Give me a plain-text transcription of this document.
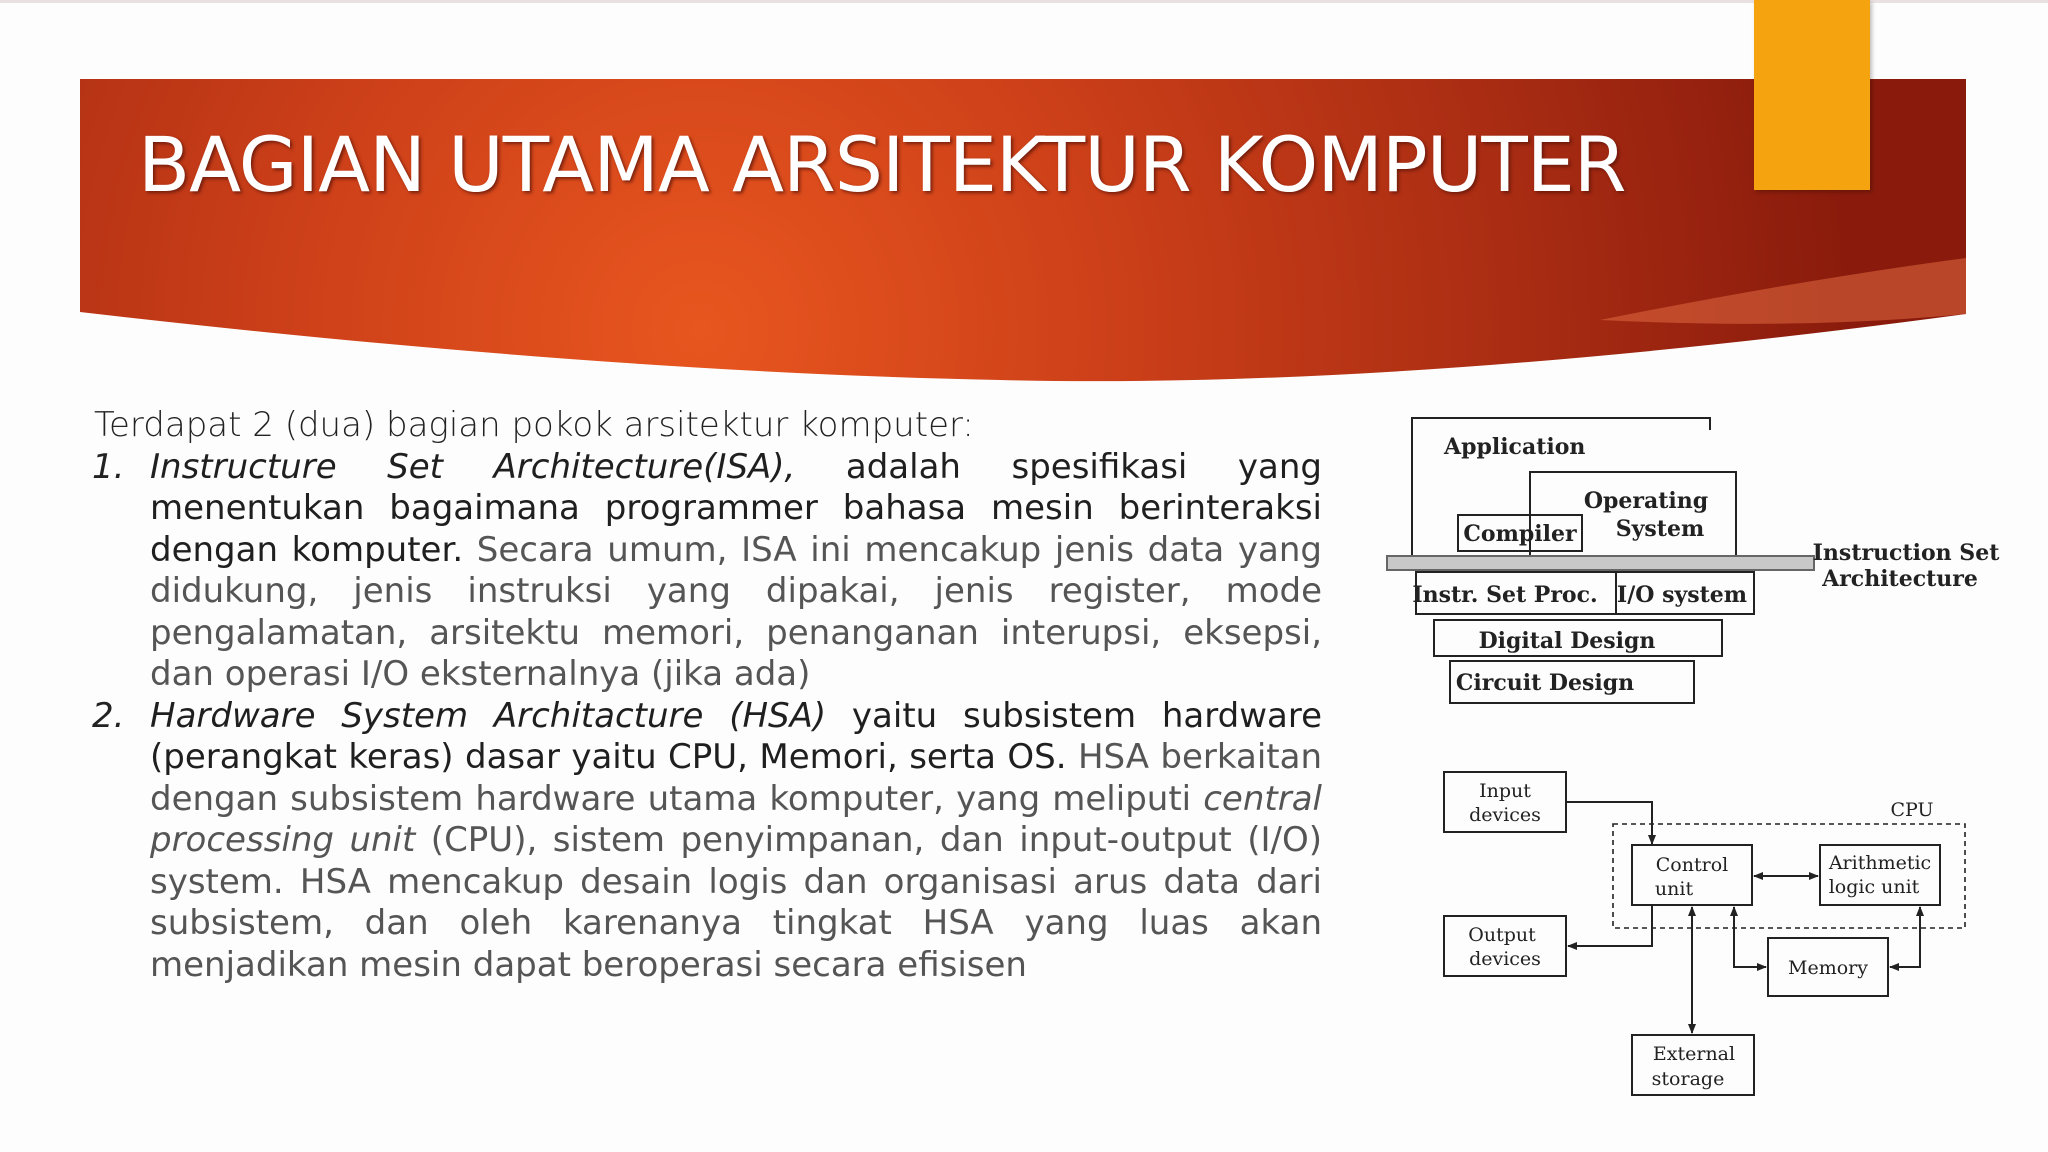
BAGIAN UTAMA ARSITEKTUR KOMPUTER

Terdapat 2 (dua) bagian pokok arsitektur komputer:

1. Instructure Set Architecture(ISA), adalah spesifikasi yang menentukan bagaimana programmer bahasa mesin berinteraksi dengan komputer. Secara umum, ISA ini mencakup jenis data yang didukung, jenis instruksi yang dipakai, jenis register, mode pengalamatan, arsitektu memori, penanganan interupsi, eksepsi, dan operasi I/O eksternalnya (jika ada)
2. Hardware System Architacture (HSA) yaitu subsistem hardware (perangkat keras) dasar yaitu CPU, Memori, serta OS. HSA berkaitan dengan subsistem hardware utama komputer, yang meliputi central processing unit (CPU), sistem penyimpanan, dan input-output (I/O) system. HSA mencakup desain logis dan organisasi arus data dari subsistem, dan oleh karenanya tingkat HSA yang luas akan menjadikan mesin dapat beroperasi secara efisisen
Application
Operating
System
Compiler
Instruction Set
Architecture
Instr. Set Proc. I/O system
Digital Design
Circuit Design
Input
devices	CPU
Control
unit
Arithmetic
logic unit
Output
devices	Memory
External
storage
